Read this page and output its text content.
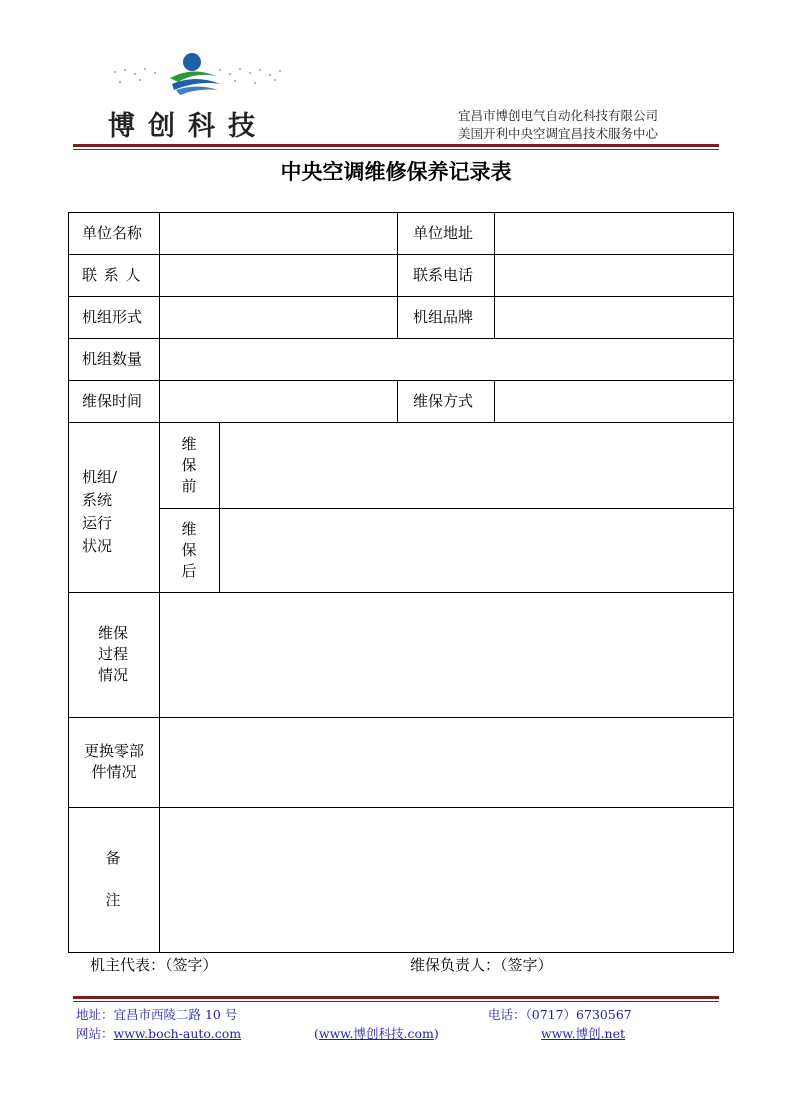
博创科技	宜昌市博创电气自动化科技有限公司
美国开利中央空调宜昌技术服务中心
中央空调维修保养记录表
单位名称	单位地址
联 系 人	联系电话
机组形式	机组品牌
机组数量
维保时间	维保方式
机组/
系统
运行
状况
维
保
前
维
保
后
维保
过程
情况
更换零部
件情况
备

注
机主代表：（签字）	维保负责人：（签字）
地址：宜昌市西陵二路 10 号	电话：（0717）6730567
网站：www.boch-auto.com	(www.博创科技.com)	www.博创.net
